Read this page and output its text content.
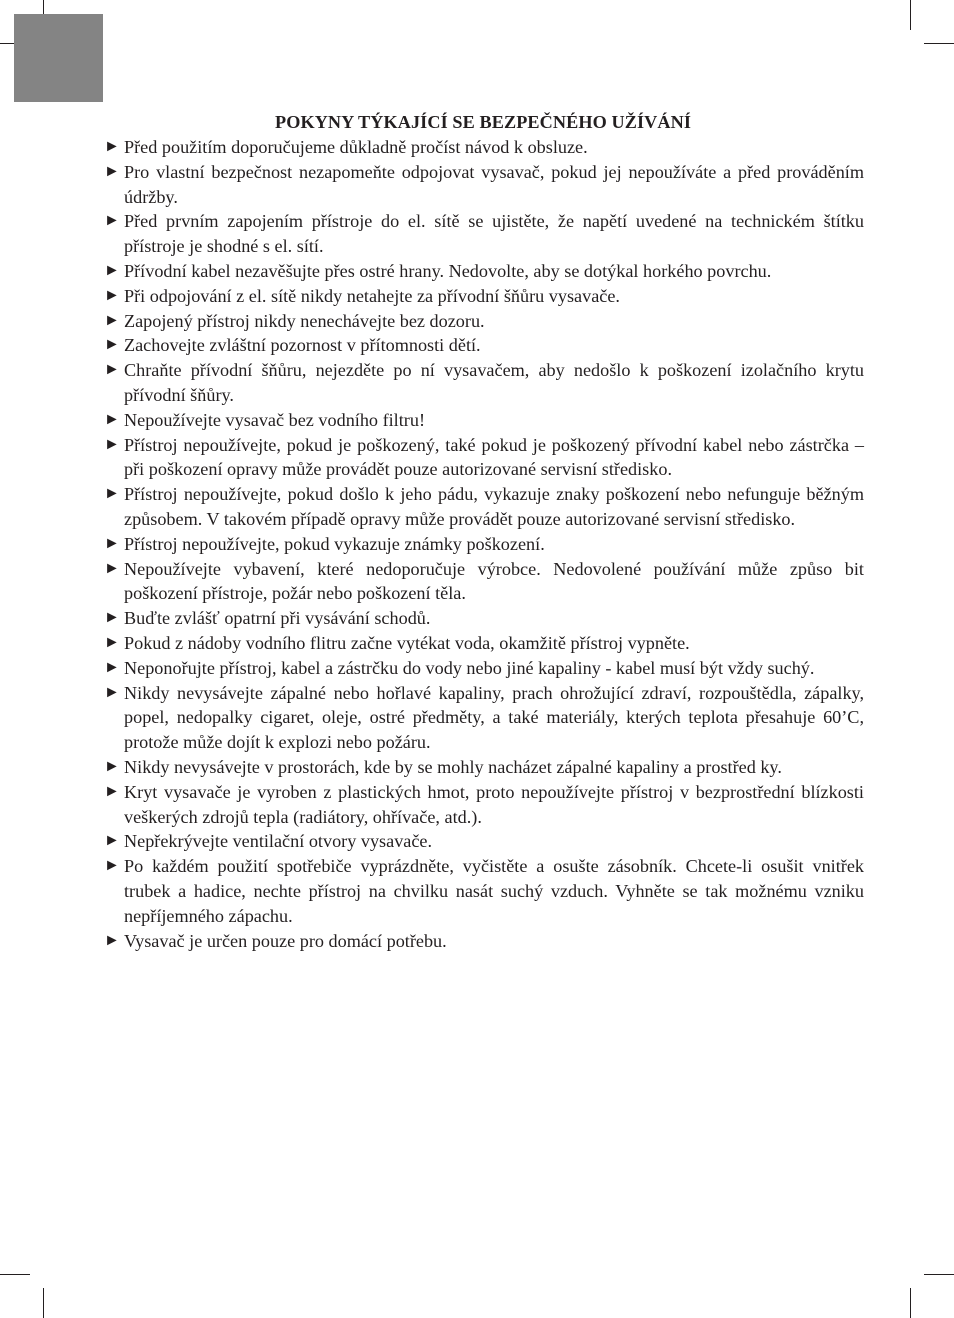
POKYNY TÝKAJÍCÍ SE BEZPEČNÉHO UŽÍVÁNÍ
► Před použitím doporučujeme důkladně pročíst návod k obsluze.
► Pro vlastní bezpečnost nezapomeňte odpojovat vysavač, pokud jej nepoužíváte a před prováděním údržby.
► Před prvním zapojením přístroje do el. sítě se ujistěte, že napětí uvedené na technickém štítku přístroje je shodné s el. sítí.
► Přívodní kabel nezavěšujte přes ostré hrany. Nedovolte, aby se dotýkal horkého povrchu.
► Při odpojování z el. sítě nikdy netahejte za přívodní šňůru vysavače.
► Zapojený přístroj nikdy nenechávejte bez dozoru.
► Zachovejte zvláštní pozornost v přítomnosti dětí.
► Chraňte přívodní šňůru, nejezděte po ní vysavačem, aby nedošlo k poškození izolačního krytu přívodní šňůry.
► Nepoužívejte vysavač bez vodního filtru!
► Přístroj nepoužívejte, pokud je poškozený, také pokud je poškozený přívodní kabel nebo zástrčka – při poškození opravy může provádět pouze autorizované servisní středisko.
► Přístroj nepoužívejte, pokud došlo k jeho pádu, vykazuje znaky poškození nebo nefunguje běžným způsobem. V takovém případě opravy může provádět pouze autorizované servisní středisko.
► Přístroj nepoužívejte, pokud vykazuje známky poškození.
► Nepoužívejte vybavení, které nedoporučuje výrobce. Nedovolené používání může způso bit poškození přístroje, požár nebo poškození těla.
► Buďte zvlášť opatrní při vysávání schodů.
► Pokud z nádoby vodního flitru začne vytékat voda, okamžitě přístroj vypněte.
► Neponořujte přístroj, kabel a zástrčku do vody nebo jiné kapaliny - kabel musí být vždy suchý.
► Nikdy nevysávejte zápalné nebo hořlavé kapaliny, prach ohrožující zdraví, rozpouštědla, zápalky, popel, nedopalky cigaret, oleje, ostré předměty, a také materiály, kterých teplota přesahuje 60’C, protože může dojít k explozi nebo požáru.
► Nikdy nevysávejte v prostorách, kde by se mohly nacházet zápalné kapaliny a prostřed ky.
► Kryt vysavače je vyroben z plastických hmot, proto nepoužívejte přístroj v bezprostřední blízkosti veškerých zdrojů tepla (radiátory, ohřívače, atd.).
► Nepřekrývejte ventilační otvory vysavače.
► Po každém použití spotřebiče vyprázdněte, vyčistěte a osušte zásobník. Chcete-li osušit vnitřek trubek a hadice, nechte přístroj na chvilku nasát suchý vzduch. Vyhněte se tak možnému vzniku nepříjemného zápachu.
► Vysavač je určen pouze pro domácí potřebu.
